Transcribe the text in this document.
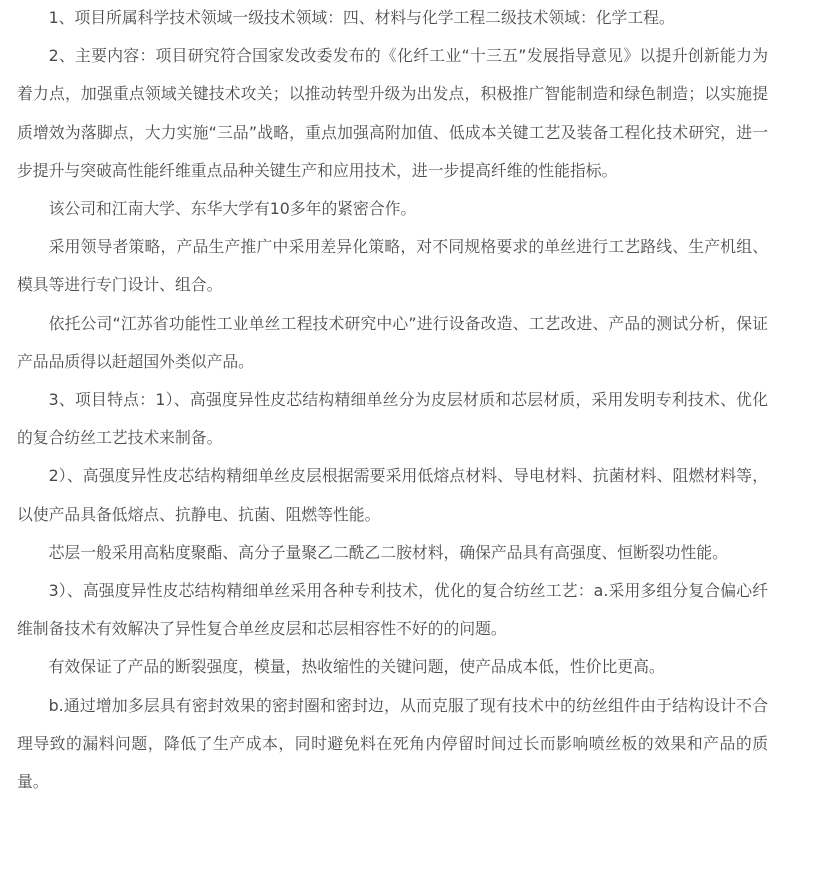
1、项目所属科学技术领域一级技术领域：四、材料与化学工程二级技术领域：化学工程。

2、主要内容：项目研究符合国家发改委发布的《化纤工业“十三五”发展指导意见》以提升创新能力为着力点，加强重点领域关键技术攻关；以推动转型升级为出发点，积极推广智能制造和绿色制造；以实施提质增效为落脚点，大力实施“三品”战略，重点加强高附加值、低成本关键工艺及装备工程化技术研究，进一步提升与突破高性能纤维重点品种关键生产和应用技术，进一步提高纤维的性能指标。

该公司和江南大学、东华大学有10多年的紧密合作。

采用领导者策略，产品生产推广中采用差异化策略，对不同规格要求的单丝进行工艺路线、生产机组、模具等进行专门设计、组合。

依托公司“江苏省功能性工业单丝工程技术研究中心”进行设备改造、工艺改进、产品的测试分析，保证产品品质得以赶超国外类似产品。

3、项目特点：1）、高强度异性皮芯结构精细单丝分为皮层材质和芯层材质，采用发明专利技术、优化的复合纺丝工艺技术来制备。

2）、高强度异性皮芯结构精细单丝皮层根据需要采用低熔点材料、导电材料、抗菌材料、阻燃材料等，以使产品具备低熔点、抗静电、抗菌、阻燃等性能。

芯层一般采用高粘度聚酯、高分子量聚乙二酰乙二胺材料，确保产品具有高强度、恒断裂功性能。

3）、高强度异性皮芯结构精细单丝采用各种专利技术，优化的复合纺丝工艺：a.采用多组分复合偏心纤维制备技术有效解决了异性复合单丝皮层和芯层相容性不好的的问题。

有效保证了产品的断裂强度，模量，热收缩性的关键问题，使产品成本低，性价比更高。

b.通过增加多层具有密封效果的密封圈和密封边，从而克服了现有技术中的纺丝组件由于结构设计不合理导致的漏料问题，降低了生产成本，同时避免料在死角内停留时间过长而影响喷丝板的效果和产品的质量。
